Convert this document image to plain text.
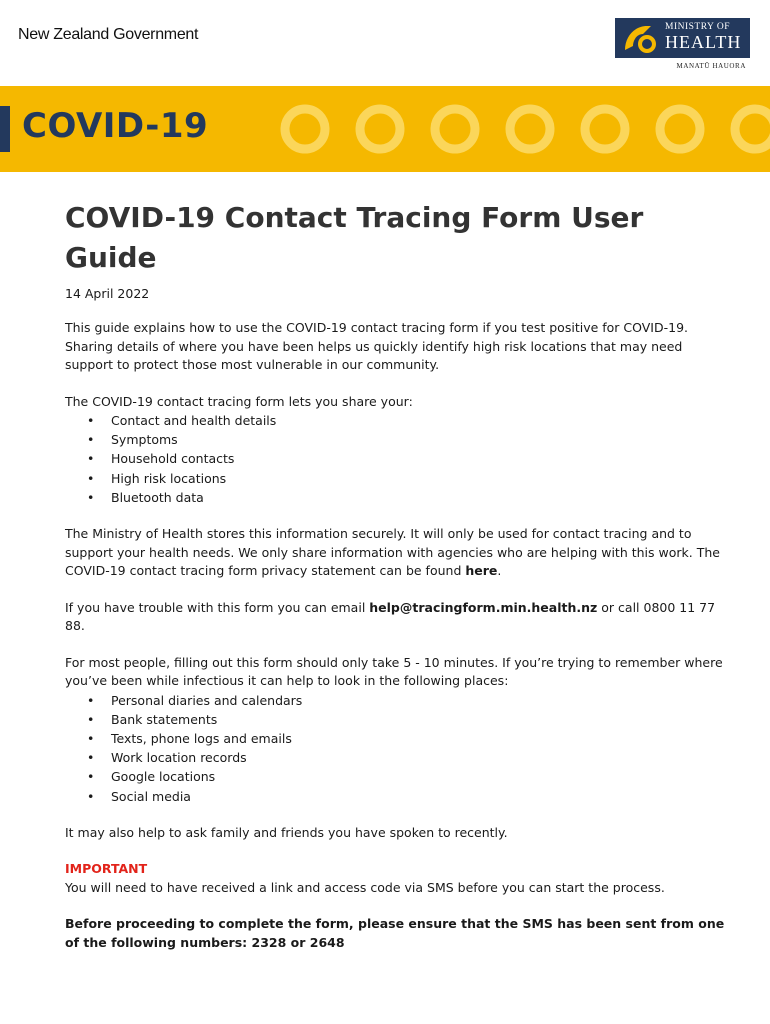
New Zealand Government	MINISTRY OF
HEALTH
MANATŪ HAUORA
COVID-19
COVID-19 Contact Tracing Form User Guide
14 April 2022

This guide explains how to use the COVID-19 contact tracing form if you test positive for COVID-19. Sharing details of where you have been helps us quickly identify high risk locations that may need support to protect those most vulnerable in our community.

The COVID-19 contact tracing form lets you share your:

• Contact and health details
• Symptoms
• Household contacts
• High risk locations
• Bluetooth data

The Ministry of Health stores this information securely. It will only be used for contact tracing and to support your health needs. We only share information with agencies who are helping with this work. The COVID-19 contact tracing form privacy statement can be found here.

If you have trouble with this form you can email help@tracingform.min.health.nz or call 0800 11 77 88.

For most people, filling out this form should only take 5 - 10 minutes. If you’re trying to remember where you’ve been while infectious it can help to look in the following places:

• Personal diaries and calendars
• Bank statements
• Texts, phone logs and emails
• Work location records
• Google locations
• Social media

It may also help to ask family and friends you have spoken to recently.

IMPORTANT

You will need to have received a link and access code via SMS before you can start the process.

Before proceeding to complete the form, please ensure that the SMS has been sent from one of the following numbers: 2328 or 2648
